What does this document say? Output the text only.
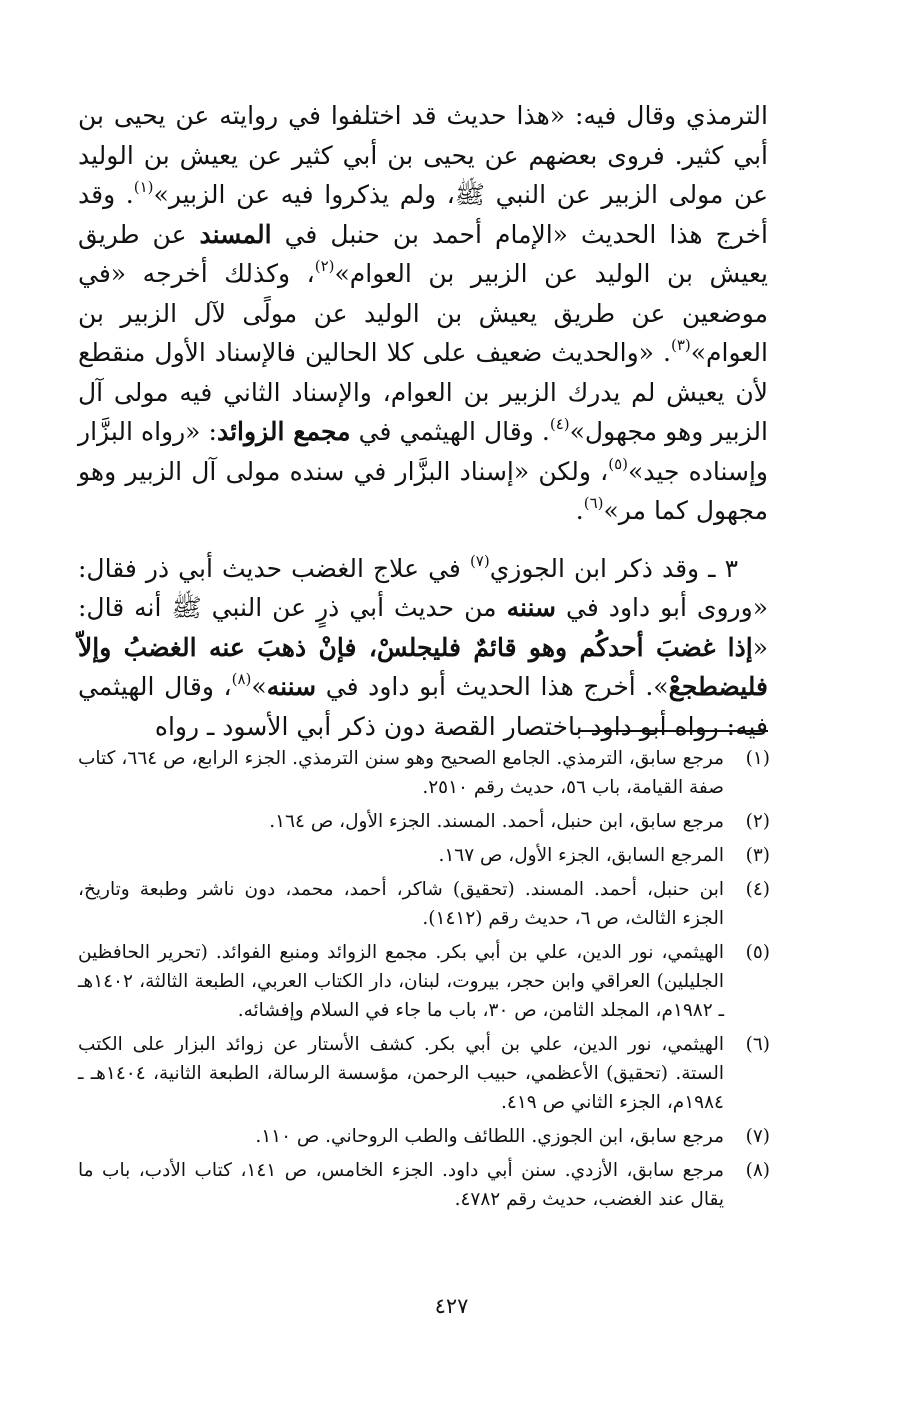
الترمذي وقال فيه: «هذا حديث قد اختلفوا في روايته عن يحيى بن أبي كثير. فروى بعضهم عن يحيى بن أبي كثير عن يعيش بن الوليد عن مولى الزبير عن النبي ﷺ، ولم يذكروا فيه عن الزبير»$^{(١)}$. وقد أخرج هذا الحديث «الإمام أحمد بن حنبل في المسند عن طريق يعيش بن الوليد عن الزبير بن العوام»$^{(٢)}$، وكذلك أخرجه «في موضعين عن طريق يعيش بن الوليد عن مولًى لآل الزبير بن العوام»$^{(٣)}$. «والحديث ضعيف على كلا الحالين فالإسناد الأول منقطع لأن يعيش لم يدرك الزبير بن العوام، والإسناد الثاني فيه مولى آل الزبير وهو مجهول»$^{(٤)}$. وقال الهيثمي في مجمع الزوائد: «رواه البزَّار وإسناده جيد»$^{(٥)}$، ولكن «إسناد البزَّار في سنده مولى آل الزبير وهو مجهول كما مر»$^{(٦)}$.

٣ ـ وقد ذكر ابن الجوزي$^{(٧)}$ في علاج الغضب حديث أبي ذر فقال: «وروى أبو داود في سننه من حديث أبي ذرٍ عن النبي ﷺ أنه قال: «إذا غضبَ أحدكُم وهو قائمٌ فليجلسْ، فإنْ ذهبَ عنه الغضبُ وإلاّ فليضطجعْ». أخرج هذا الحديث أبو داود في سننه»$^{(٨)}$، وقال الهيثمي فيه: رواه أبو داود باختصار القصة دون ذكر أبي الأسود ـ رواه

(١)
مرجع سابق، الترمذي. الجامع الصحيح وهو سنن الترمذي. الجزء الرابع، ص ٦٦٤، كتاب صفة القيامة، باب ٥٦، حديث رقم ٢٥١٠.
(٢)
مرجع سابق، ابن حنبل، أحمد. المسند. الجزء الأول، ص ١٦٤.
(٣)
المرجع السابق، الجزء الأول، ص ١٦٧.
(٤)
ابن حنبل، أحمد. المسند. (تحقيق) شاكر، أحمد، محمد، دون ناشر وطبعة وتاريخ، الجزء الثالث، ص ٦، حديث رقم (١٤١٢).
(٥)
الهيثمي، نور الدين، علي بن أبي بكر. مجمع الزوائد ومنبع الفوائد. (تحرير الحافظين الجليلين) العراقي وابن حجر، بيروت، لبنان، دار الكتاب العربي، الطبعة الثالثة، ١٤٠٢هـ ـ ١٩٨٢م، المجلد الثامن، ص ٣٠، باب ما جاء في السلام وإفشائه.
(٦)
الهيثمي، نور الدين، علي بن أبي بكر. كشف الأستار عن زوائد البزار على الكتب الستة. (تحقيق) الأعظمي، حبيب الرحمن، مؤسسة الرسالة، الطبعة الثانية، ١٤٠٤هـ ـ ١٩٨٤م، الجزء الثاني ص ٤١٩.
(٧)
مرجع سابق، ابن الجوزي. اللطائف والطب الروحاني. ص ١١٠.
(٨)
مرجع سابق، الأزدي. سنن أبي داود. الجزء الخامس، ص ١٤١، كتاب الأدب، باب ما يقال عند الغضب، حديث رقم ٤٧٨٢.
٤٢٧
